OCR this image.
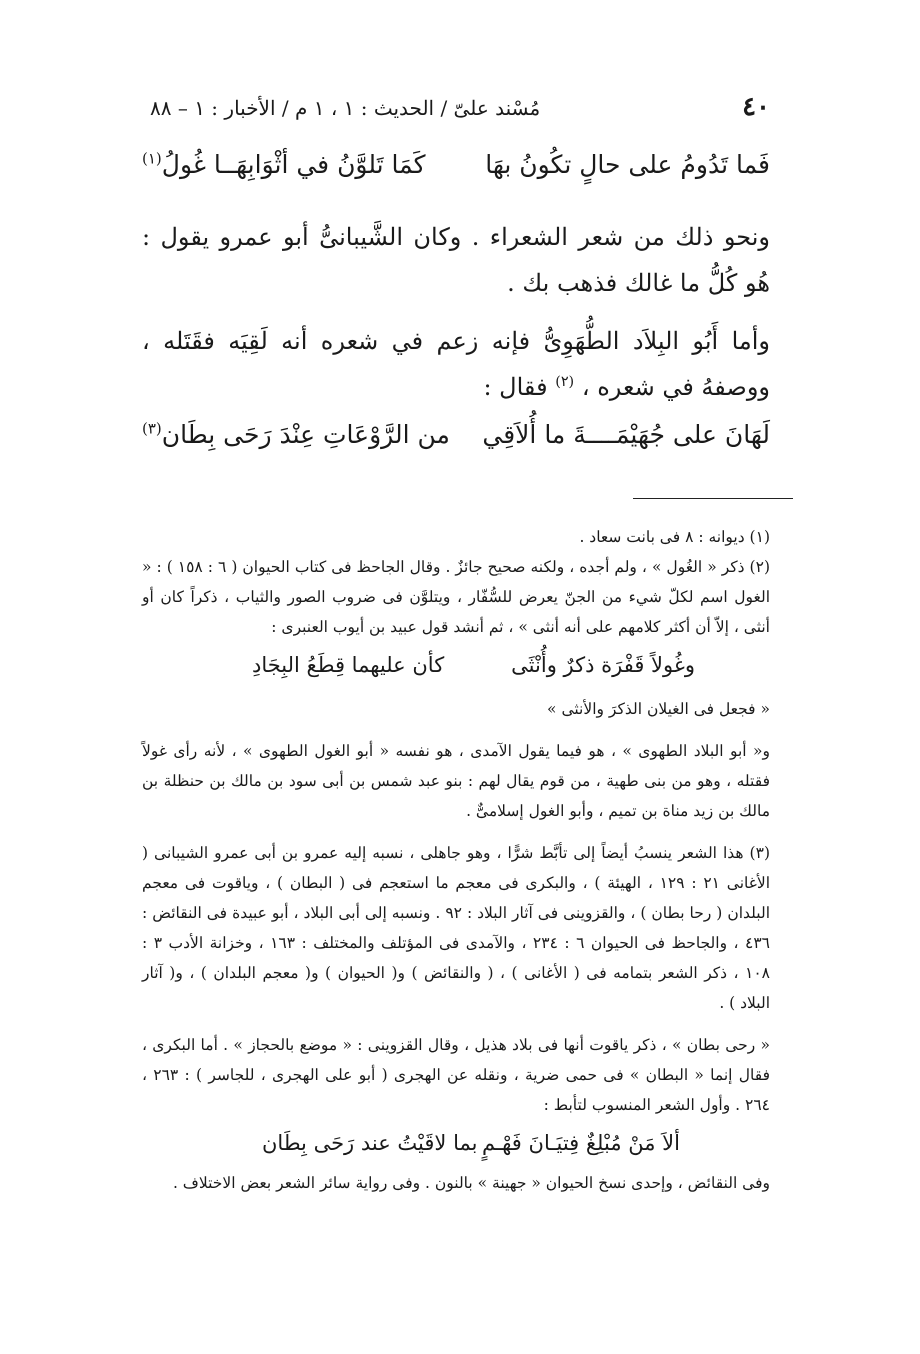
٤٠
مُسْند علىّ / الحديث : ١ ، ١ م / الأخبار : ١ – ٨٨
فَما تَدُومُ على حالٍ تكُونُ بهَا
كَمَا تَلوَّنُ في أثْوَابِهَــا غُولُ$^{(١)}$
ونحو ذلك من شعر الشعراء . وكان الشَّيبانىُّ أبو عمرو يقول : هُو كُلُّ ما غالك فذهب بك .
وأما أَبُو البِلاَد الطُّهَوِىُّ فإنه زعم في شعره أنه لَقِيَه فقَتَله ، ووصفهُ في شعره ، $^{(٢)}$ فقال :
لَهَانَ على جُهَيْمَــــةَ ما أُلاَقِي
من الرَّوْعَاتِ عِنْدَ رَحَى بِطَان$^{(٣)}$

(١) ديوانه : ٨ فى بانت سعاد .

(٢) ذكر « الغُول » ، ولم أجده ، ولكنه صحيح جائزٌ . وقال الجاحظ فى كتاب الحيوان ( ٦ : ١٥٨ ) : « الغول اسم لكلّ شيء من الجنّ يعرض للسُّفّار ، ويتلوَّن فى ضروب الصور والثياب ، ذكراً كان أو أنثى ، إلاّ أن أكثر كلامهم على أنه أنثى » ، ثم أنشد قول عبيد بن أيوب العنبرى :

وغُولاً قَفْرَة ذكرٌ وأُنْثَى
كأن عليهما قِطَعُ البِجَادِ

« فجعل فى الغيلان الذكرَ والأنثى »

و« أبو البلاد الطهوى » ، هو فيما يقول الآمدى ، هو نفسه « أبو الغول الطهوى » ، لأنه رأى غولاً فقتله ، وهو من بنى طهية ، من قوم يقال لهم : بنو عبد شمس بن أبى سود بن مالك بن حنظلة بن مالك بن زيد مناة بن تميم ، وأبو الغول إسلامىٌّ .

(٣) هذا الشعر ينسبُ أيضاً إلى تأبَّط شرًّا ، وهو جاهلى ، نسبه إليه عمرو بن أبى عمرو الشيبانى ( الأغانى ٢١ : ١٢٩ ، الهيئة ) ، والبكرى فى معجم ما استعجم فى ( البطان ) ، وياقوت فى معجم البلدان ( رحا بطان ) ، والقزوينى فى آثار البلاد : ٩٢ . ونسبه إلى أبى البلاد ، أبو عبيدة فى النقائض : ٤٣٦ ، والجاحظ فى الحيوان ٦ : ٢٣٤ ، والآمدى فى المؤتلف والمختلف : ١٦٣ ، وخزانة الأدب ٣ : ١٠٨ ، ذكر الشعر بتمامه فى ( الأغانى ) ، ( والنقائض ) و( الحيوان ) و( معجم البلدان ) ، و( آثار البلاد ) .

« رحى بطان » ، ذكر ياقوت أنها فى بلاد هذيل ، وقال القزوينى : « موضع بالحجاز » . أما البكرى ، فقال إنما « البطان » فى حمى ضرية ، ونقله عن الهجرى ( أبو على الهجرى ، للجاسر ) : ٢٦٣ ، ٢٦٤ . وأول الشعر المنسوب لتأبط :

ألاَ مَنْ مُبْلِغٌ فِتيَـانَ فَهْـمٍ
بما لاقَيْتُ عند رَحَى بِطَان

وفى النقائض ، وإحدى نسخ الحيوان « جهينة » بالنون . وفى رواية سائر الشعر بعض الاختلاف .
